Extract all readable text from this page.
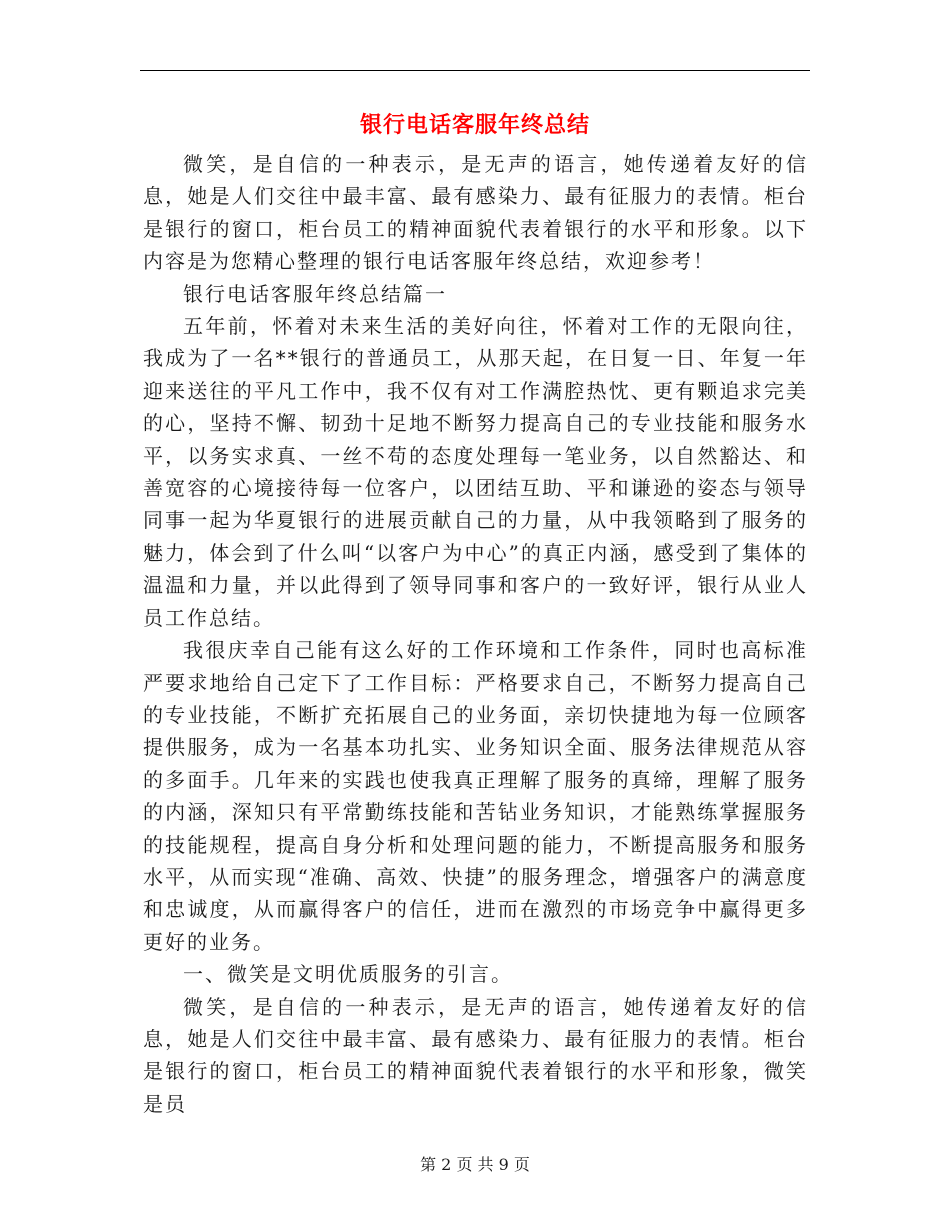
银行电话客服年终总结

微笑，是自信的一种表示，是无声的语言，她传递着友好的信息，她是人们交往中最丰富、最有感染力、最有征服力的表情。柜台是银行的窗口，柜台员工的精神面貌代表着银行的水平和形象。以下内容是为您精心整理的银行电话客服年终总结，欢迎参考！

银行电话客服年终总结篇一

五年前，怀着对未来生活的美好向往，怀着对工作的无限向往，我成为了一名**银行的普通员工，从那天起，在日复一日、年复一年迎来送往的平凡工作中，我不仅有对工作满腔热忱、更有颗追求完美的心，坚持不懈、韧劲十足地不断努力提高自己的专业技能和服务水平，以务实求真、一丝不苟的态度处理每一笔业务，以自然豁达、和善宽容的心境接待每一位客户，以团结互助、平和谦逊的姿态与领导同事一起为华夏银行的进展贡献自己的力量，从中我领略到了服务的魅力，体会到了什么叫“以客户为中心”的真正内涵，感受到了集体的温温和力量，并以此得到了领导同事和客户的一致好评，银行从业人员工作总结。

我很庆幸自己能有这么好的工作环境和工作条件，同时也高标准严要求地给自己定下了工作目标：严格要求自己，不断努力提高自己的专业技能，不断扩充拓展自己的业务面，亲切快捷地为每一位顾客提供服务，成为一名基本功扎实、业务知识全面、服务法律规范从容的多面手。几年来的实践也使我真正理解了服务的真缔，理解了服务的内涵，深知只有平常勤练技能和苦钻业务知识，才能熟练掌握服务的技能规程，提高自身分析和处理问题的能力，不断提高服务和服务水平，从而实现“准确、高效、快捷”的服务理念，增强客户的满意度和忠诚度，从而赢得客户的信任，进而在激烈的市场竞争中赢得更多更好的业务。

一、微笑是文明优质服务的引言。

微笑，是自信的一种表示，是无声的语言，她传递着友好的信息，她是人们交往中最丰富、最有感染力、最有征服力的表情。柜台是银行的窗口，柜台员工的精神面貌代表着银行的水平和形象，微笑是员

第 2 页 共 9 页
